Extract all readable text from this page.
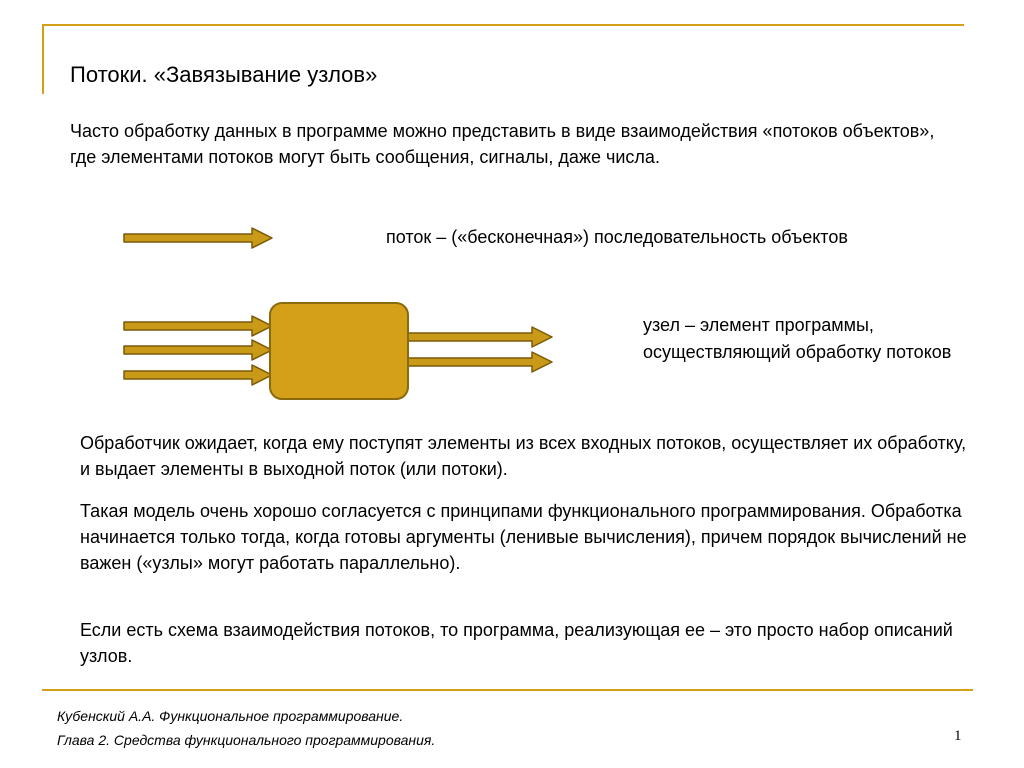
Потоки. «Завязывание узлов»

Часто обработку данных в программе можно представить в виде взаимодействия «потоков объектов», где элементами потоков могут быть сообщения, сигналы, даже числа.

поток – («бесконечная») последовательность объектов
узел – элемент программы, осуществляющий обработку потоков

Обработчик ожидает, когда ему поступят элементы из всех входных потоков, осуществляет их обработку, и выдает элементы в выходной поток (или потоки).

Такая модель очень хорошо согласуется с принципами функционального программирования. Обработка начинается только тогда, когда готовы аргументы (ленивые вычисления), причем порядок вычислений не важен («узлы» могут работать параллельно).

Если есть схема взаимодействия потоков, то программа, реализующая ее – это просто набор описаний узлов.

Кубенский А.А. Функциональное программирование.
Глава 2. Средства функционального программирования.	1
